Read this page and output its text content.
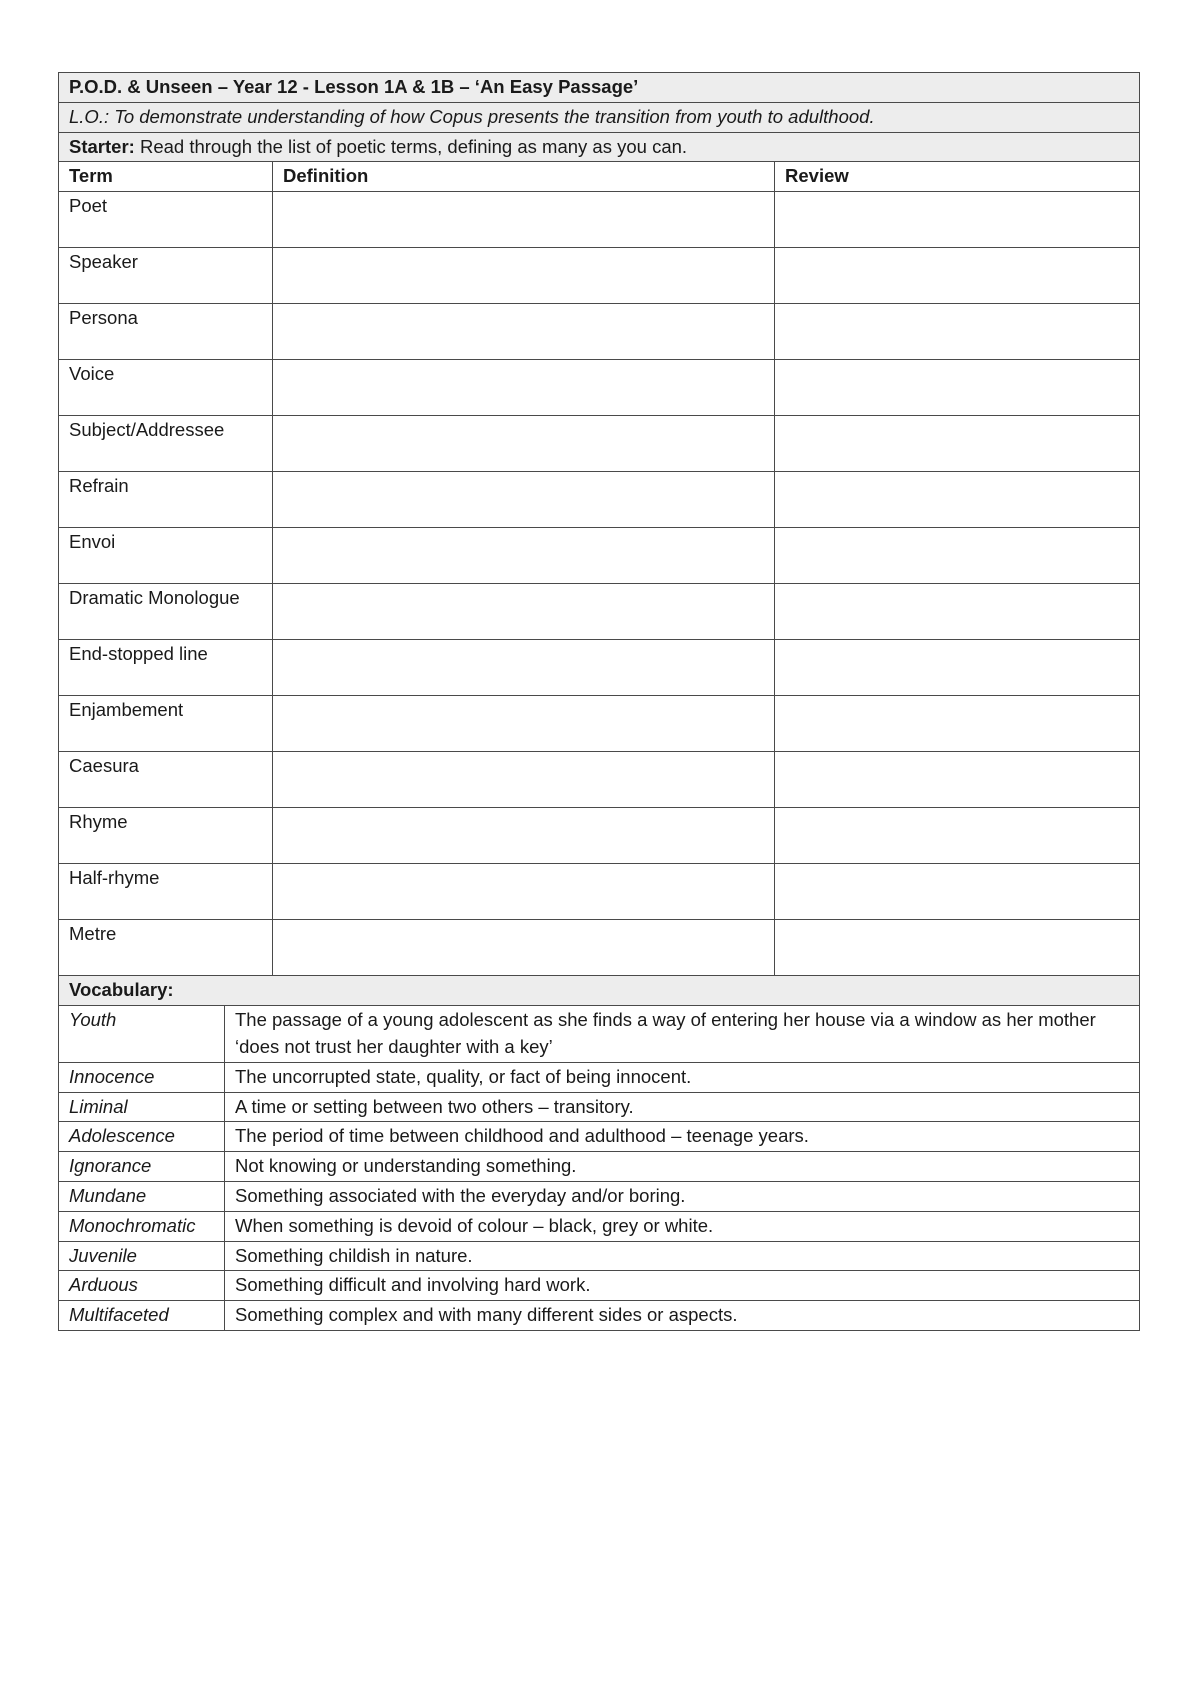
P.O.D. & Unseen – Year 12 - Lesson 1A & 1B – ‘An Easy Passage’			
L.O.: To demonstrate understanding of how Copus presents the transition from youth to adulthood.			
Starter: Read through the list of poetic terms, defining as many as you can.			
Term		Definition	Review
Poet			
Speaker			
Persona			
Voice			
Subject/Addressee			
Refrain			
Envoi			
Dramatic Monologue			
End-stopped line			
Enjambement			
Caesura			
Rhyme			
Half-rhyme			
Metre			
Vocabulary:			
Youth	The passage of a young adolescent as she finds a way of entering her house via a window as her mother ‘does not trust her daughter with a key’		
Innocence	The uncorrupted state, quality, or fact of being innocent.		
Liminal	A time or setting between two others – transitory.		
Adolescence	The period of time between childhood and adulthood – teenage years.		
Ignorance	Not knowing or understanding something.		
Mundane	Something associated with the everyday and/or boring.		
Monochromatic	When something is devoid of colour – black, grey or white.		
Juvenile	Something childish in nature.		
Arduous	Something difficult and involving hard work.		
Multifaceted	Something complex and with many different sides or aspects.		
